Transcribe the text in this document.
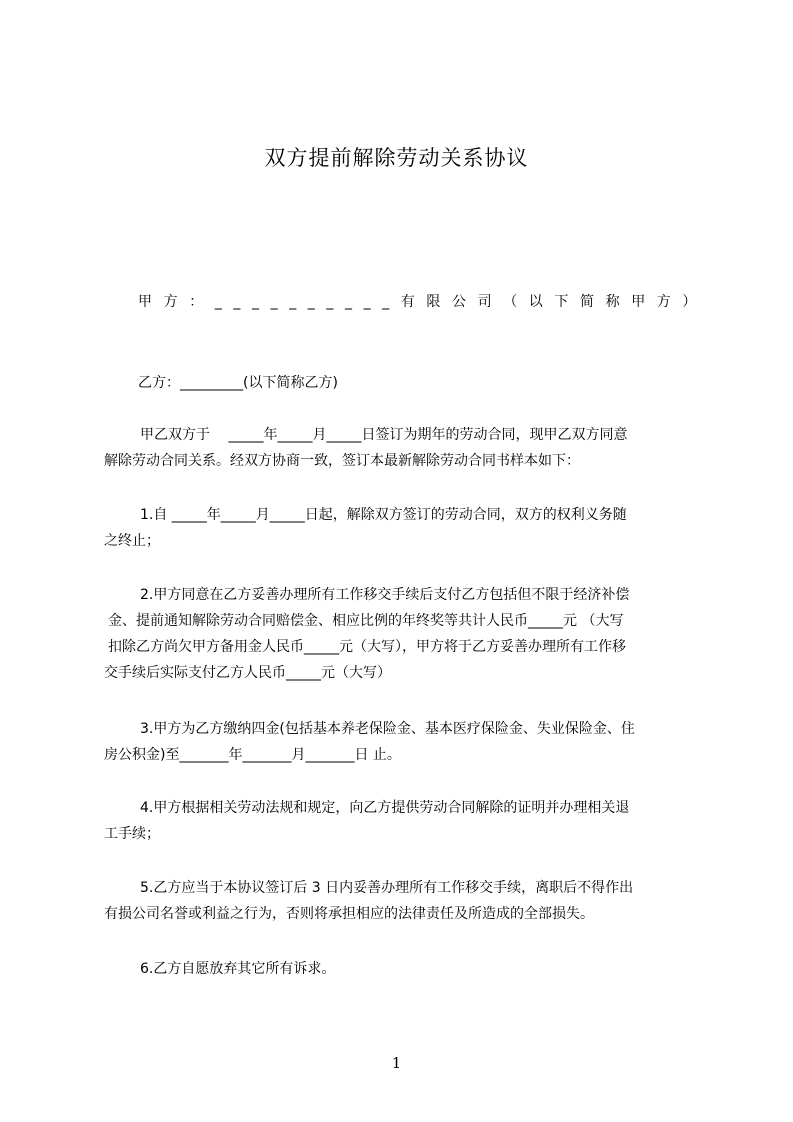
双方提前解除劳动关系协议
甲方：__________有限公司（以下简称甲方）
乙方：_________(以下简称乙方)
甲乙双方于　 _____年_____月_____日签订为期年的劳动合同，现甲乙双方同意
解除劳动合同关系。经双方协商一致，签订本最新解除劳动合同书样本如下：
1.自 _____年_____月_____日起，解除双方签订的劳动合同，双方的权利义务随
之终止；
2.甲方同意在乙方妥善办理所有工作移交手续后支付乙方包括但不限于经济补偿
金、提前通知解除劳动合同赔偿金、相应比例的年终奖等共计人民币_____元 （大写
扣除乙方尚欠甲方备用金人民币_____元（大写），甲方将于乙方妥善办理所有工作移
交手续后实际支付乙方人民币_____元（大写）
3.甲方为乙方缴纳四金(包括基本养老保险金、基本医疗保险金、失业保险金、住
房公积金)至_______年_______月_______日 止。
4.甲方根据相关劳动法规和规定，向乙方提供劳动合同解除的证明并办理相关退
工手续；
5.乙方应当于本协议签订后 3 日内妥善办理所有工作移交手续，离职后不得作出
有损公司名誉或利益之行为，否则将承担相应的法律责任及所造成的全部损失。
6.乙方自愿放弃其它所有诉求。
1
